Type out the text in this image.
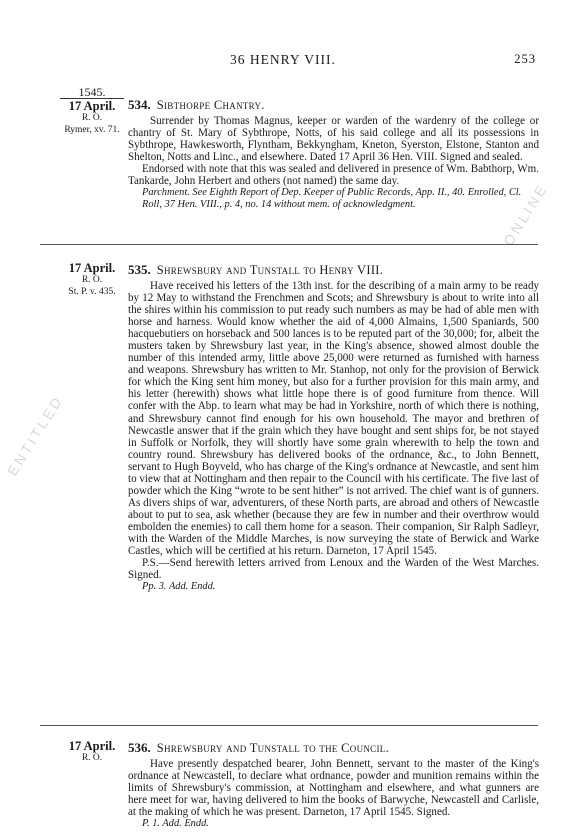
ENTITLED
ONLINE
36 HENRY VIII.	253
1545.
17 April.
R. O.
Rymer, xv. 71.
534. Sibthorpe Chantry.

Surrender by Thomas Magnus, keeper or warden of the wardenry of the college or chantry of St. Mary of Sybthrope, Notts, of his said college and all its possessions in Sybthrope, Hawkesworth, Flyntham, Bekkyngham, Kneton, Syerston, Elstone, Stanton and Shelton, Notts and Linc., and elsewhere. Dated 17 April 36 Hen. VIII. Signed and sealed.

Endorsed with note that this was sealed and delivered in presence of Wm. Babthorp, Wm. Tankarde, John Herbert and others (not named) the same day.

Parchment. See Eighth Report of Dep. Keeper of Public Records, App. II., 40. Enrolled, Cl. Roll, 37 Hen. VIII., p. 4, no. 14 without mem. of acknowledgment.

17 April.
R. O.
St. P. v. 435.
535. Shrewsbury and Tunstall to Henry VIII.

Have received his letters of the 13th inst. for the describing of a main army to be ready by 12 May to withstand the Frenchmen and Scots; and Shrewsbury is about to write into all the shires within his commission to put ready such numbers as may be had of able men with horse and harness. Would know whether the aid of 4,000 Almains, 1,500 Spaniards, 500 hacquebutiers on horseback and 500 lances is to be reputed part of the 30,000; for, albeit the musters taken by Shrewsbury last year, in the King's absence, showed almost double the number of this intended army, little above 25,000 were returned as furnished with harness and weapons. Shrewsbury has written to Mr. Stanhop, not only for the provision of Berwick for which the King sent him money, but also for a further provision for this main army, and his letter (herewith) shows what little hope there is of good furniture from thence. Will confer with the Abp. to learn what may be had in Yorkshire, north of which there is nothing, and Shrewsbury cannot find enough for his own household. The mayor and brethren of Newcastle answer that if the grain which they have bought and sent ships for, be not stayed in Suffolk or Norfolk, they will shortly have some grain wherewith to help the town and country round. Shrewsbury has delivered books of the ordnance, &c., to John Bennett, servant to Hugh Boyveld, who has charge of the King's ordnance at Newcastle, and sent him to view that at Nottingham and then repair to the Council with his certificate. The five last of powder which the King “wrote to be sent hither” is not arrived. The chief want is of gunners. As divers ships of war, adventurers, of these North parts, are abroad and others of Newcastle about to put to sea, ask whether (because they are few in number and their overthrow would embolden the enemies) to call them home for a season. Their companion, Sir Ralph Sadleyr, with the Warden of the Middle Marches, is now surveying the state of Berwick and Warke Castles, which will be certified at his return. Darneton, 17 April 1545.

P.S.—Send herewith letters arrived from Lenoux and the Warden of the West Marches. Signed.

Pp. 3. Add. Endd.

17 April.
R. O.
536. Shrewsbury and Tunstall to the Council.

Have presently despatched bearer, John Bennett, servant to the master of the King's ordnance at Newcastell, to declare what ordnance, powder and munition remains within the limits of Shrewsbury's commission, at Nottingham and elsewhere, and what gunners are here meet for war, having delivered to him the books of Barwyche, Newcastell and Carlisle, at the making of which he was present. Darneton, 17 April 1545. Signed.

P. 1. Add. Endd.
